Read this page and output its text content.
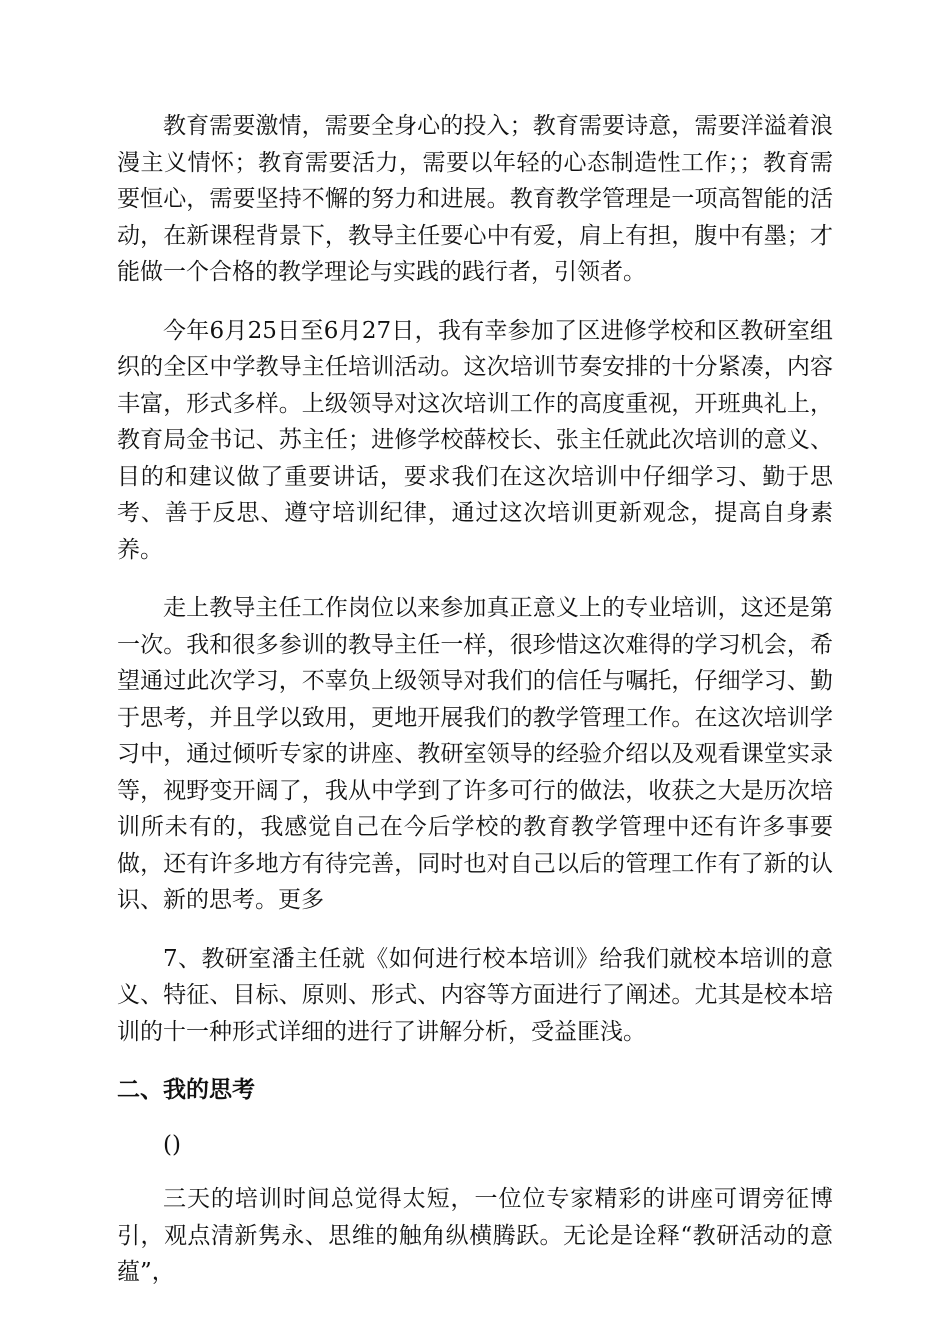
教育需要激情，需要全身心的投入；教育需要诗意，需要洋溢着浪漫主义情怀；教育需要活力，需要以年轻的心态制造性工作；；教育需要恒心，需要坚持不懈的努力和进展。教育教学管理是一项高智能的活动，在新课程背景下，教导主任要心中有爱，肩上有担，腹中有墨；才能做一个合格的教学理论与实践的践行者，引领者。

今年6月25日至6月27日，我有幸参加了区进修学校和区教研室组织的全区中学教导主任培训活动。这次培训节奏安排的十分紧凑，内容丰富，形式多样。上级领导对这次培训工作的高度重视，开班典礼上，教育局金书记、苏主任；进修学校薛校长、张主任就此次培训的意义、目的和建议做了重要讲话，要求我们在这次培训中仔细学习、勤于思考、善于反思、遵守培训纪律，通过这次培训更新观念，提高自身素养。

走上教导主任工作岗位以来参加真正意义上的专业培训，这还是第一次。我和很多参训的教导主任一样，很珍惜这次难得的学习机会，希望通过此次学习，不辜负上级领导对我们的信任与嘱托，仔细学习、勤于思考，并且学以致用，更地开展我们的教学管理工作。在这次培训学习中，通过倾听专家的讲座、教研室领导的经验介绍以及观看课堂实录等，视野变开阔了，我从中学到了许多可行的做法，收获之大是历次培训所未有的，我感觉自己在今后学校的教育教学管理中还有许多事要做，还有许多地方有待完善，同时也对自己以后的管理工作有了新的认识、新的思考。更多

7、教研室潘主任就《如何进行校本培训》给我们就校本培训的意义、特征、目标、原则、形式、内容等方面进行了阐述。尤其是校本培训的十一种形式详细的进行了讲解分析，受益匪浅。

二、我的思考

()

三天的培训时间总觉得太短，一位位专家精彩的讲座可谓旁征博引，观点清新隽永、思维的触角纵横腾跃。无论是诠释“教研活动的意蕴”，
